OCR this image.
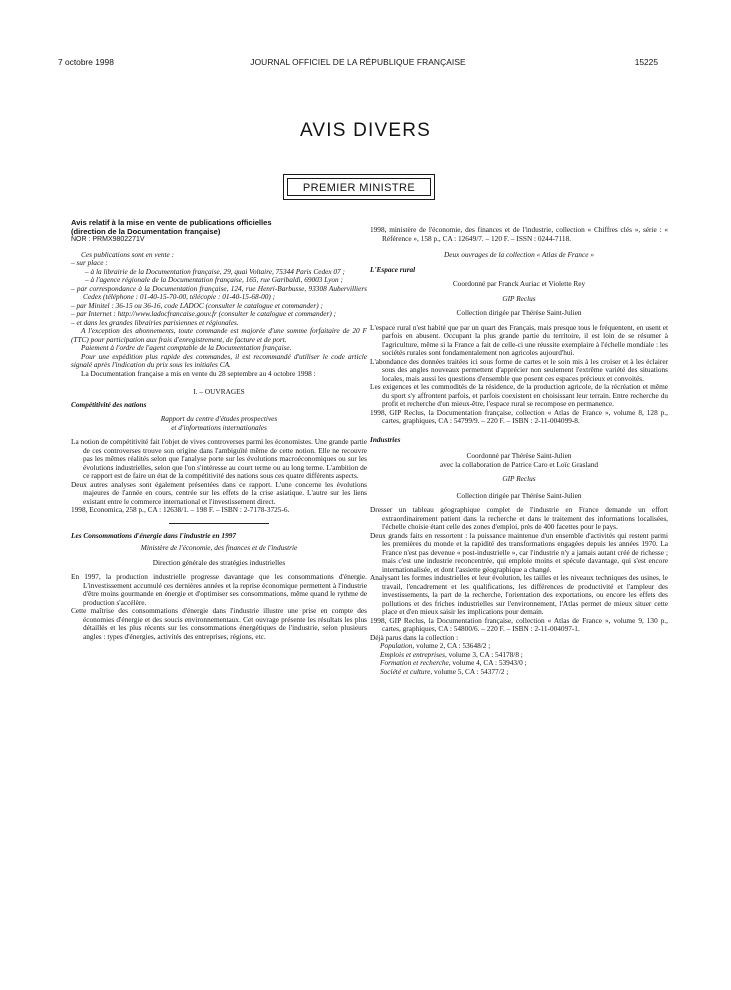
7 octobre 1998	JOURNAL OFFICIEL DE LA RÉPUBLIQUE FRANÇAISE	15225
AVIS DIVERS
PREMIER MINISTRE

Avis relatif à la mise en vente de publications officielles

(direction de la Documentation française)

NOR : PRMX9802271V

Ces publications sont en vente :

– sur place :

– à la librairie de la Documentation française, 29, quai Voltaire, 75344 Paris Cedex 07 ;

– à l'agence régionale de la Documentation française, 165, rue Garibaldi, 69003 Lyon ;

– par correspondance à la Documentation française, 124, rue Henri-Barbusse, 93308 Aubervilliers Cedex (téléphone : 01-40-15-70-00, télécopie : 01-40-15-68-00) ;

– par Minitel : 36-15 ou 36-16, code LADOC (consulter le catalogue et commander) ;

– par Internet : http://www.ladocfrancaise.gouv.fr (consulter le catalogue et commander) ;

– et dans les grandes librairies parisiennes et régionales.

A l'exception des abonnements, toute commande est majorée d'une somme forfaitaire de 20 F (TTC) pour participation aux frais d'enregistrement, de facture et de port.

Paiement à l'ordre de l'agent comptable de la Documentation française.

Pour une expédition plus rapide des commandes, il est recommandé d'utiliser le code article signalé après l'indication du prix sous les initiales CA.

La Documentation française a mis en vente du 28 septembre au 4 octobre 1998 :

I. – OUVRAGES

Compétitivité des nations

Rapport du centre d'études prospectives

et d'informations internationales

La notion de compétitivité fait l'objet de vives controverses parmi les économistes. Une grande partie de ces controverses trouve son origine dans l'ambiguïté même de cette notion. Elle ne recouvre pas les mêmes réalités selon que l'analyse porte sur les évolutions macroéconomiques ou sur les évolutions industrielles, selon que l'on s'intéresse au court terme ou au long terme. L'ambition de ce rapport est de faire un état de la compétitivité des nations sous ces quatre différents aspects.

Deux autres analyses sont également présentées dans ce rapport. L'une concerne les évolutions majeures de l'année en cours, centrée sur les effets de la crise asiatique. L'autre sur les liens existant entre le commerce international et l'investissement direct.

1998, Economica, 258 p., CA : 12638/1. – 198 F. – ISBN : 2-7178-3725-6.

Les Consommations d'énergie dans l'industrie en 1997

Ministère de l'économie, des finances et de l'industrie

Direction générale des stratégies industrielles

En 1997, la production industrielle progresse davantage que les consommations d'énergie. L'investissement accumulé ces dernières années et la reprise économique permettent à l'industrie d'être moins gourmande en énergie et d'optimiser ses consommations, même quand le rythme de production s'accélère.

Cette maîtrise des consommations d'énergie dans l'industrie illustre une prise en compte des économies d'énergie et des soucis environnementaux. Cet ouvrage présente les résultats les plus détaillés et les plus récents sur les consommations énergétiques de l'industrie, selon plusieurs angles : types d'énergies, activités des entreprises, régions, etc.

1998, ministère de l'économie, des finances et de l'industrie, collection « Chiffres clés », série : « Référence », 158 p., CA : 12649/7. – 120 F. – ISSN : 0244-7118.

Deux ouvrages de la collection « Atlas de France »

L'Espace rural

Coordonné par Franck Auriac et Violette Rey

GIP Reclus

Collection dirigée par Thérèse Saint-Julien

L'espace rural n'est habité que par un quart des Français, mais presque tous le fréquentent, en usent et parfois en abusent. Occupant la plus grande partie du territoire, il est loin de se résumer à l'agriculture, même si la France a fait de celle-ci une réussite exemplaire à l'échelle mondiale : les sociétés rurales sont fondamentalement non agricoles aujourd'hui.

L'abondance des données traitées ici sous forme de cartes et le soin mis à les croiser et à les éclairer sous des angles nouveaux permettent d'apprécier non seulement l'extrême variété des situations locales, mais aussi les questions d'ensemble que posent ces espaces précieux et convoités.

Les exigences et les commodités de la résidence, de la production agricole, de la récréation et même du sport s'y affrontent parfois, et parfois coexistent en choisissant leur terrain. Entre recherche du profit et recherche d'un mieux-être, l'espace rural se recompose en permanence.

1998, GIP Reclus, la Documentation française, collection « Atlas de France », volume 8, 128 p., cartes, graphiques, CA : 54799/9. – 220 F. – ISBN : 2-11-004099-8.

Industries

Coordonné par Thérèse Saint-Julien

avec la collaboration de Patrice Caro et Loïc Grasland

GIP Reclus

Collection dirigée par Thérèse Saint-Julien

Dresser un tableau géographique complet de l'industrie en France demande un effort extraordinairement patient dans la recherche et dans le traitement des informations localisées, l'échelle choisie étant celle des zones d'emploi, près de 400 facettes pour le pays.

Deux grands faits en ressortent : la puissance maintenue d'un ensemble d'activités qui restent parmi les premières du monde et la rapidité des transformations engagées depuis les années 1970. La France n'est pas devenue « post-industrielle », car l'industrie n'y a jamais autant créé de richesse ; mais c'est une industrie reconcentrée, qui emploie moins et spécule davantage, qui s'est encore internationalisée, et dont l'assiette géographique a changé.

Analysant les formes industrielles et leur évolution, les tailles et les niveaux techniques des usines, le travail, l'encadrement et les qualifications, les différences de productivité et l'ampleur des investissements, la part de la recherche, l'orientation des exportations, ou encore les effets des pollutions et des friches industrielles sur l'environnement, l'Atlas permet de mieux situer cette place et d'en mieux saisir les implications pour demain.

1998, GIP Reclus, la Documentation française, collection « Atlas de France », volume 9, 130 p., cartes, graphiques, CA : 54800/6. – 220 F. – ISBN : 2-11-004097-1.

Déjà parus dans la collection :

Population, volume 2, CA : 53648/2 ;

Emplois et entreprises, volume 3, CA : 54178/8 ;

Formation et recherche, volume 4, CA : 53943/0 ;

Société et culture, volume 5, CA : 54377/2 ;
